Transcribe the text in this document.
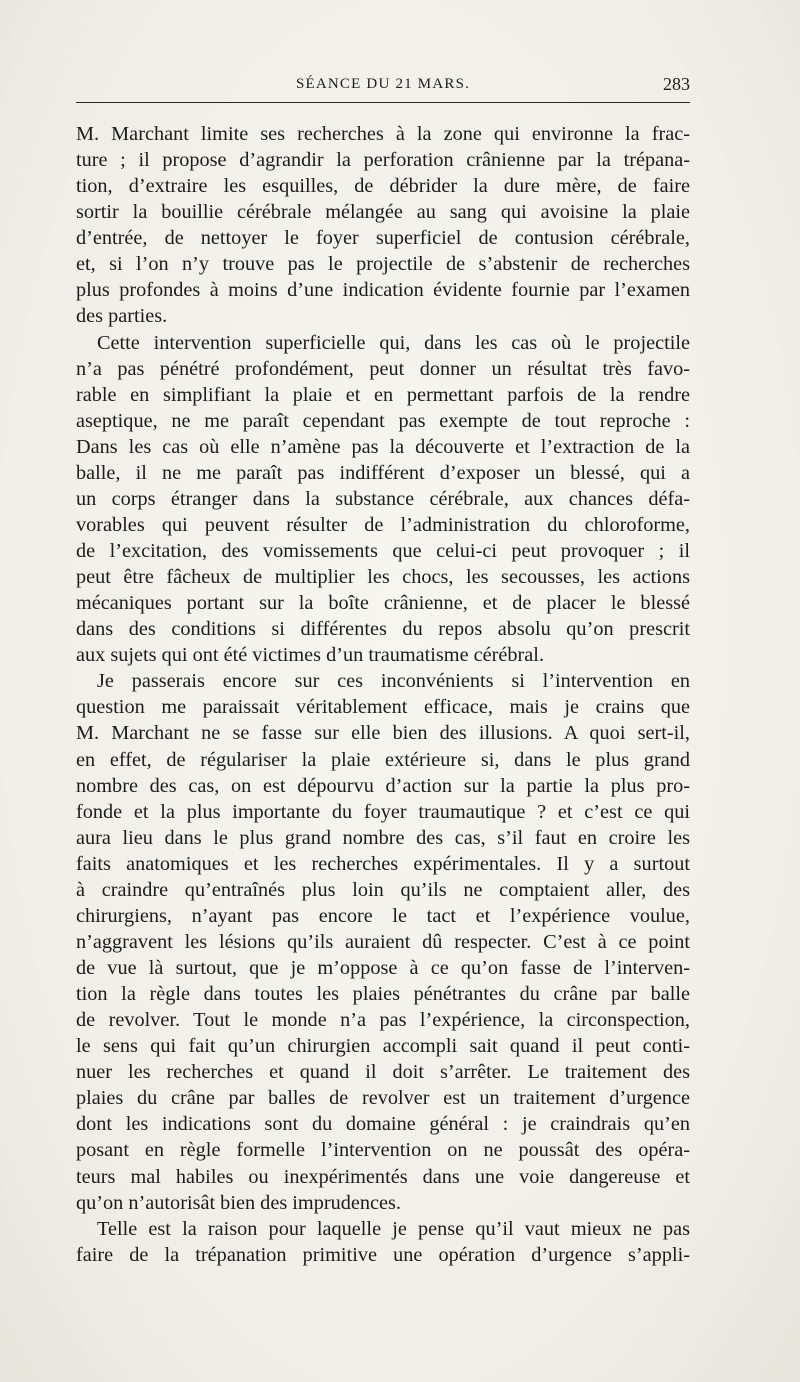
SÉANCE DU 21 MARS.	283
M. Marchant limite ses recherches à la zone qui environne la frac-
ture ; il propose d’agrandir la perforation crânienne par la trépana-
tion, d’extraire les esquilles, de débrider la dure mère, de faire
sortir la bouillie cérébrale mélangée au sang qui avoisine la plaie
d’entrée, de nettoyer le foyer superficiel de contusion cérébrale,
et, si l’on n’y trouve pas le projectile de s’abstenir de recherches
plus profondes à moins d’une indication évidente fournie par l’examen
des parties.
Cette intervention superficielle qui, dans les cas où le projectile
n’a pas pénétré profondément, peut donner un résultat très favo-
rable en simplifiant la plaie et en permettant parfois de la rendre
aseptique, ne me paraît cependant pas exempte de tout reproche :
Dans les cas où elle n’amène pas la découverte et l’extraction de la
balle, il ne me paraît pas indifférent d’exposer un blessé, qui a
un corps étranger dans la substance cérébrale, aux chances défa-
vorables qui peuvent résulter de l’administration du chloroforme,
de l’excitation, des vomissements que celui-ci peut provoquer ; il
peut être fâcheux de multiplier les chocs, les secousses, les actions
mécaniques portant sur la boîte crânienne, et de placer le blessé
dans des conditions si différentes du repos absolu qu’on prescrit
aux sujets qui ont été victimes d’un traumatisme cérébral.
Je passerais encore sur ces inconvénients si l’intervention en
question me paraissait véritablement efficace, mais je crains que
M. Marchant ne se fasse sur elle bien des illusions. A quoi sert-il,
en effet, de régulariser la plaie extérieure si, dans le plus grand
nombre des cas, on est dépourvu d’action sur la partie la plus pro-
fonde et la plus importante du foyer traumautique ? et c’est ce qui
aura lieu dans le plus grand nombre des cas, s’il faut en croire les
faits anatomiques et les recherches expérimentales. Il y a surtout
à craindre qu’entraînés plus loin qu’ils ne comptaient aller, des
chirurgiens, n’ayant pas encore le tact et l’expérience voulue,
n’aggravent les lésions qu’ils auraient dû respecter. C’est à ce point
de vue là surtout, que je m’oppose à ce qu’on fasse de l’interven-
tion la règle dans toutes les plaies pénétrantes du crâne par balle
de revolver. Tout le monde n’a pas l’expérience, la circonspection,
le sens qui fait qu’un chirurgien accompli sait quand il peut conti-
nuer les recherches et quand il doit s’arrêter. Le traitement des
plaies du crâne par balles de revolver est un traitement d’urgence
dont les indications sont du domaine général : je craindrais qu’en
posant en règle formelle l’intervention on ne poussât des opéra-
teurs mal habiles ou inexpérimentés dans une voie dangereuse et
qu’on n’autorisât bien des imprudences.
Telle est la raison pour laquelle je pense qu’il vaut mieux ne pas
faire de la trépanation primitive une opération d’urgence s’appli-
